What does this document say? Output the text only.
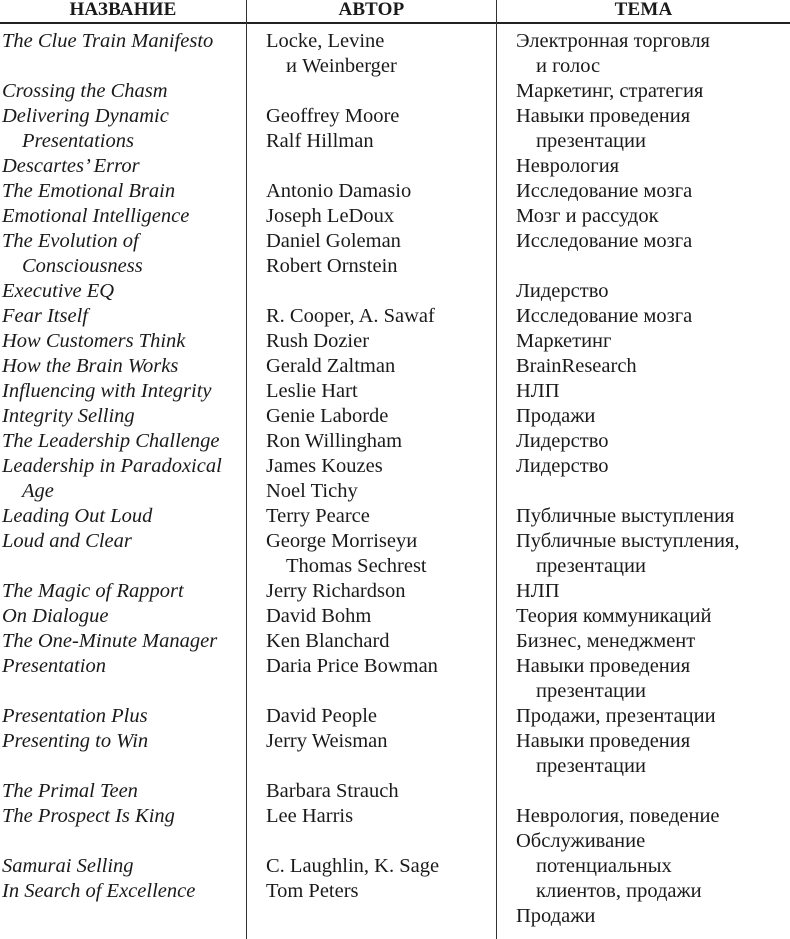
НАЗВАНИЕ	АВТОР	ТЕМА
The Clue Train Manifesto
Crossing the Chasm
Delivering Dynamic
Presentations
Descartes’ Error
The Emotional Brain
Emotional Intelligence
The Evolution of
Consciousness
Executive EQ
Fear Itself
How Customers Think
How the Brain Works
Influencing with Integrity
Integrity Selling
The Leadership Challenge
Leadership in Paradoxical
Age
Leading Out Loud
Loud and Clear
The Magic of Rapport
On Dialogue
The One-Minute Manager
Presentation
Presentation Plus
Presenting to Win
The Primal Teen
The Prospect Is King
Samurai Selling
In Search of Excellence
Locke, Levine
и Weinberger
Geoffrey Moore
Ralf Hillman
Antonio Damasio
Joseph LeDoux
Daniel Goleman
Robert Ornstein
R. Cooper, A. Sawaf
Rush Dozier
Gerald Zaltman
Leslie Hart
Genie Laborde
Ron Willingham
James Kouzes
Noel Tichy
Terry Pearce
George Morriseyи
Thomas Sechrest
Jerry Richardson
David Bohm
Ken Blanchard
Daria Price Bowman
David People
Jerry Weisman
Barbara Strauch
Lee Harris
C. Laughlin, K. Sage
Tom Peters
Электронная торговля
и голос
Маркетинг, стратегия
Навыки проведения
презентации
Неврология
Исследование мозга
Мозг и рассудок
Исследование мозга
Лидерство
Исследование мозга
Маркетинг
BrainResearch
НЛП
Продажи
Лидерство
Лидерство
Публичные выступления
Публичные выступления,
презентации
НЛП
Теория коммуникаций
Бизнес, менеджмент
Навыки проведения
презентации
Продажи, презентации
Навыки проведения
презентации
Неврология, поведение
Обслуживание
потенциальных
клиентов, продажи
Продажи
